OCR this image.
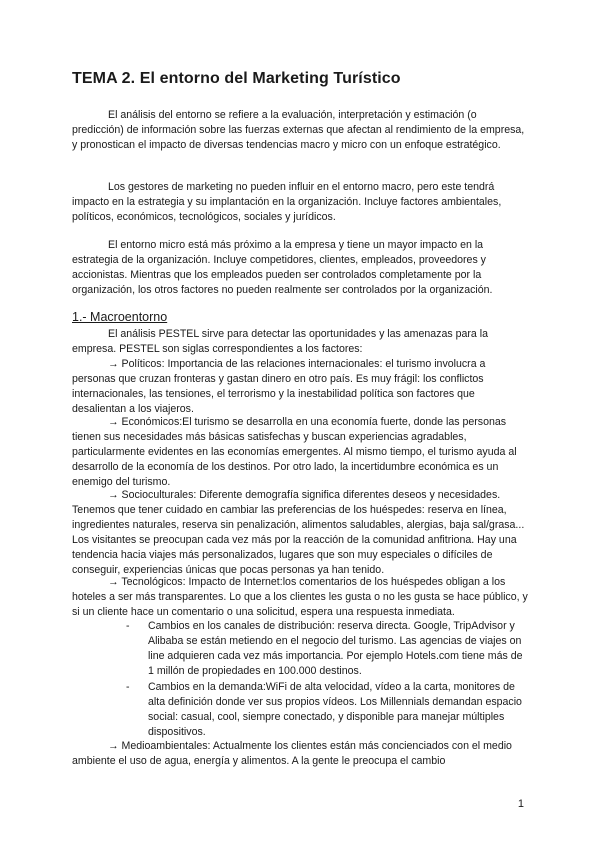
TEMA 2. El entorno del Marketing Turístico

El análisis del entorno se refiere a la evaluación, interpretación y estimación (o predicción) de información sobre las fuerzas externas que afectan al rendimiento de la empresa, y pronostican el impacto de diversas tendencias macro y micro con un enfoque estratégico.

Los gestores de marketing no pueden influir en el entorno macro, pero este tendrá impacto en la estrategia y su implantación en la organización. Incluye factores ambientales, políticos, económicos, tecnológicos, sociales y jurídicos.

El entorno micro está más próximo a la empresa y tiene un mayor impacto en la estrategia de la organización. Incluye competidores, clientes, empleados, proveedores y accionistas. Mientras que los empleados pueden ser controlados completamente por la organización, los otros factores no pueden realmente ser controlados por la organización.

1.- Macroentorno

El análisis PESTEL sirve para detectar las oportunidades y las amenazas para la empresa. PESTEL son siglas correspondientes a los factores:

→ Políticos: Importancia de las relaciones internacionales: el turismo involucra a personas que cruzan fronteras y gastan dinero en otro país. Es muy frágil: los conflictos internacionales, las tensiones, el terrorismo y la inestabilidad política son factores que desalientan a los viajeros.

→ Económicos:El turismo se desarrolla en una economía fuerte, donde las personas tienen sus necesidades más básicas satisfechas y buscan experiencias agradables, particularmente evidentes en las economías emergentes. Al mismo tiempo, el turismo ayuda al desarrollo de la economía de los destinos. Por otro lado, la incertidumbre económica es un enemigo del turismo.

→ Socioculturales: Diferente demografía significa diferentes deseos y necesidades. Tenemos que tener cuidado en cambiar las preferencias de los huéspedes: reserva en línea, ingredientes naturales, reserva sin penalización, alimentos saludables, alergias, baja sal/grasa... Los visitantes se preocupan cada vez más por la reacción de la comunidad anfitriona. Hay una tendencia hacia viajes más personalizados, lugares que son muy especiales o difíciles de conseguir, experiencias únicas que pocas personas ya han tenido.

→ Tecnológicos: Impacto de Internet:los comentarios de los huéspedes obligan a los hoteles a ser más transparentes. Lo que a los clientes les gusta o no les gusta se hace público, y si un cliente hace un comentario o una solicitud, espera una respuesta inmediata.

-	Cambios en los canales de distribución: reserva directa. Google, TripAdvisor y Alibaba se están metiendo en el negocio del turismo. Las agencias de viajes on line adquieren cada vez más importancia. Por ejemplo Hotels.com tiene más de 1 millón de propiedades en 100.000 destinos.

-	Cambios en la demanda:WiFi de alta velocidad, vídeo a la carta, monitores de alta definición donde ver sus propios vídeos. Los Millennials demandan espacio social: casual, cool, siempre conectado, y disponible para manejar múltiples dispositivos.

→ Medioambientales: Actualmente los clientes están más concienciados con el medio ambiente el uso de agua, energía y alimentos. A la gente le preocupa el cambio

1
